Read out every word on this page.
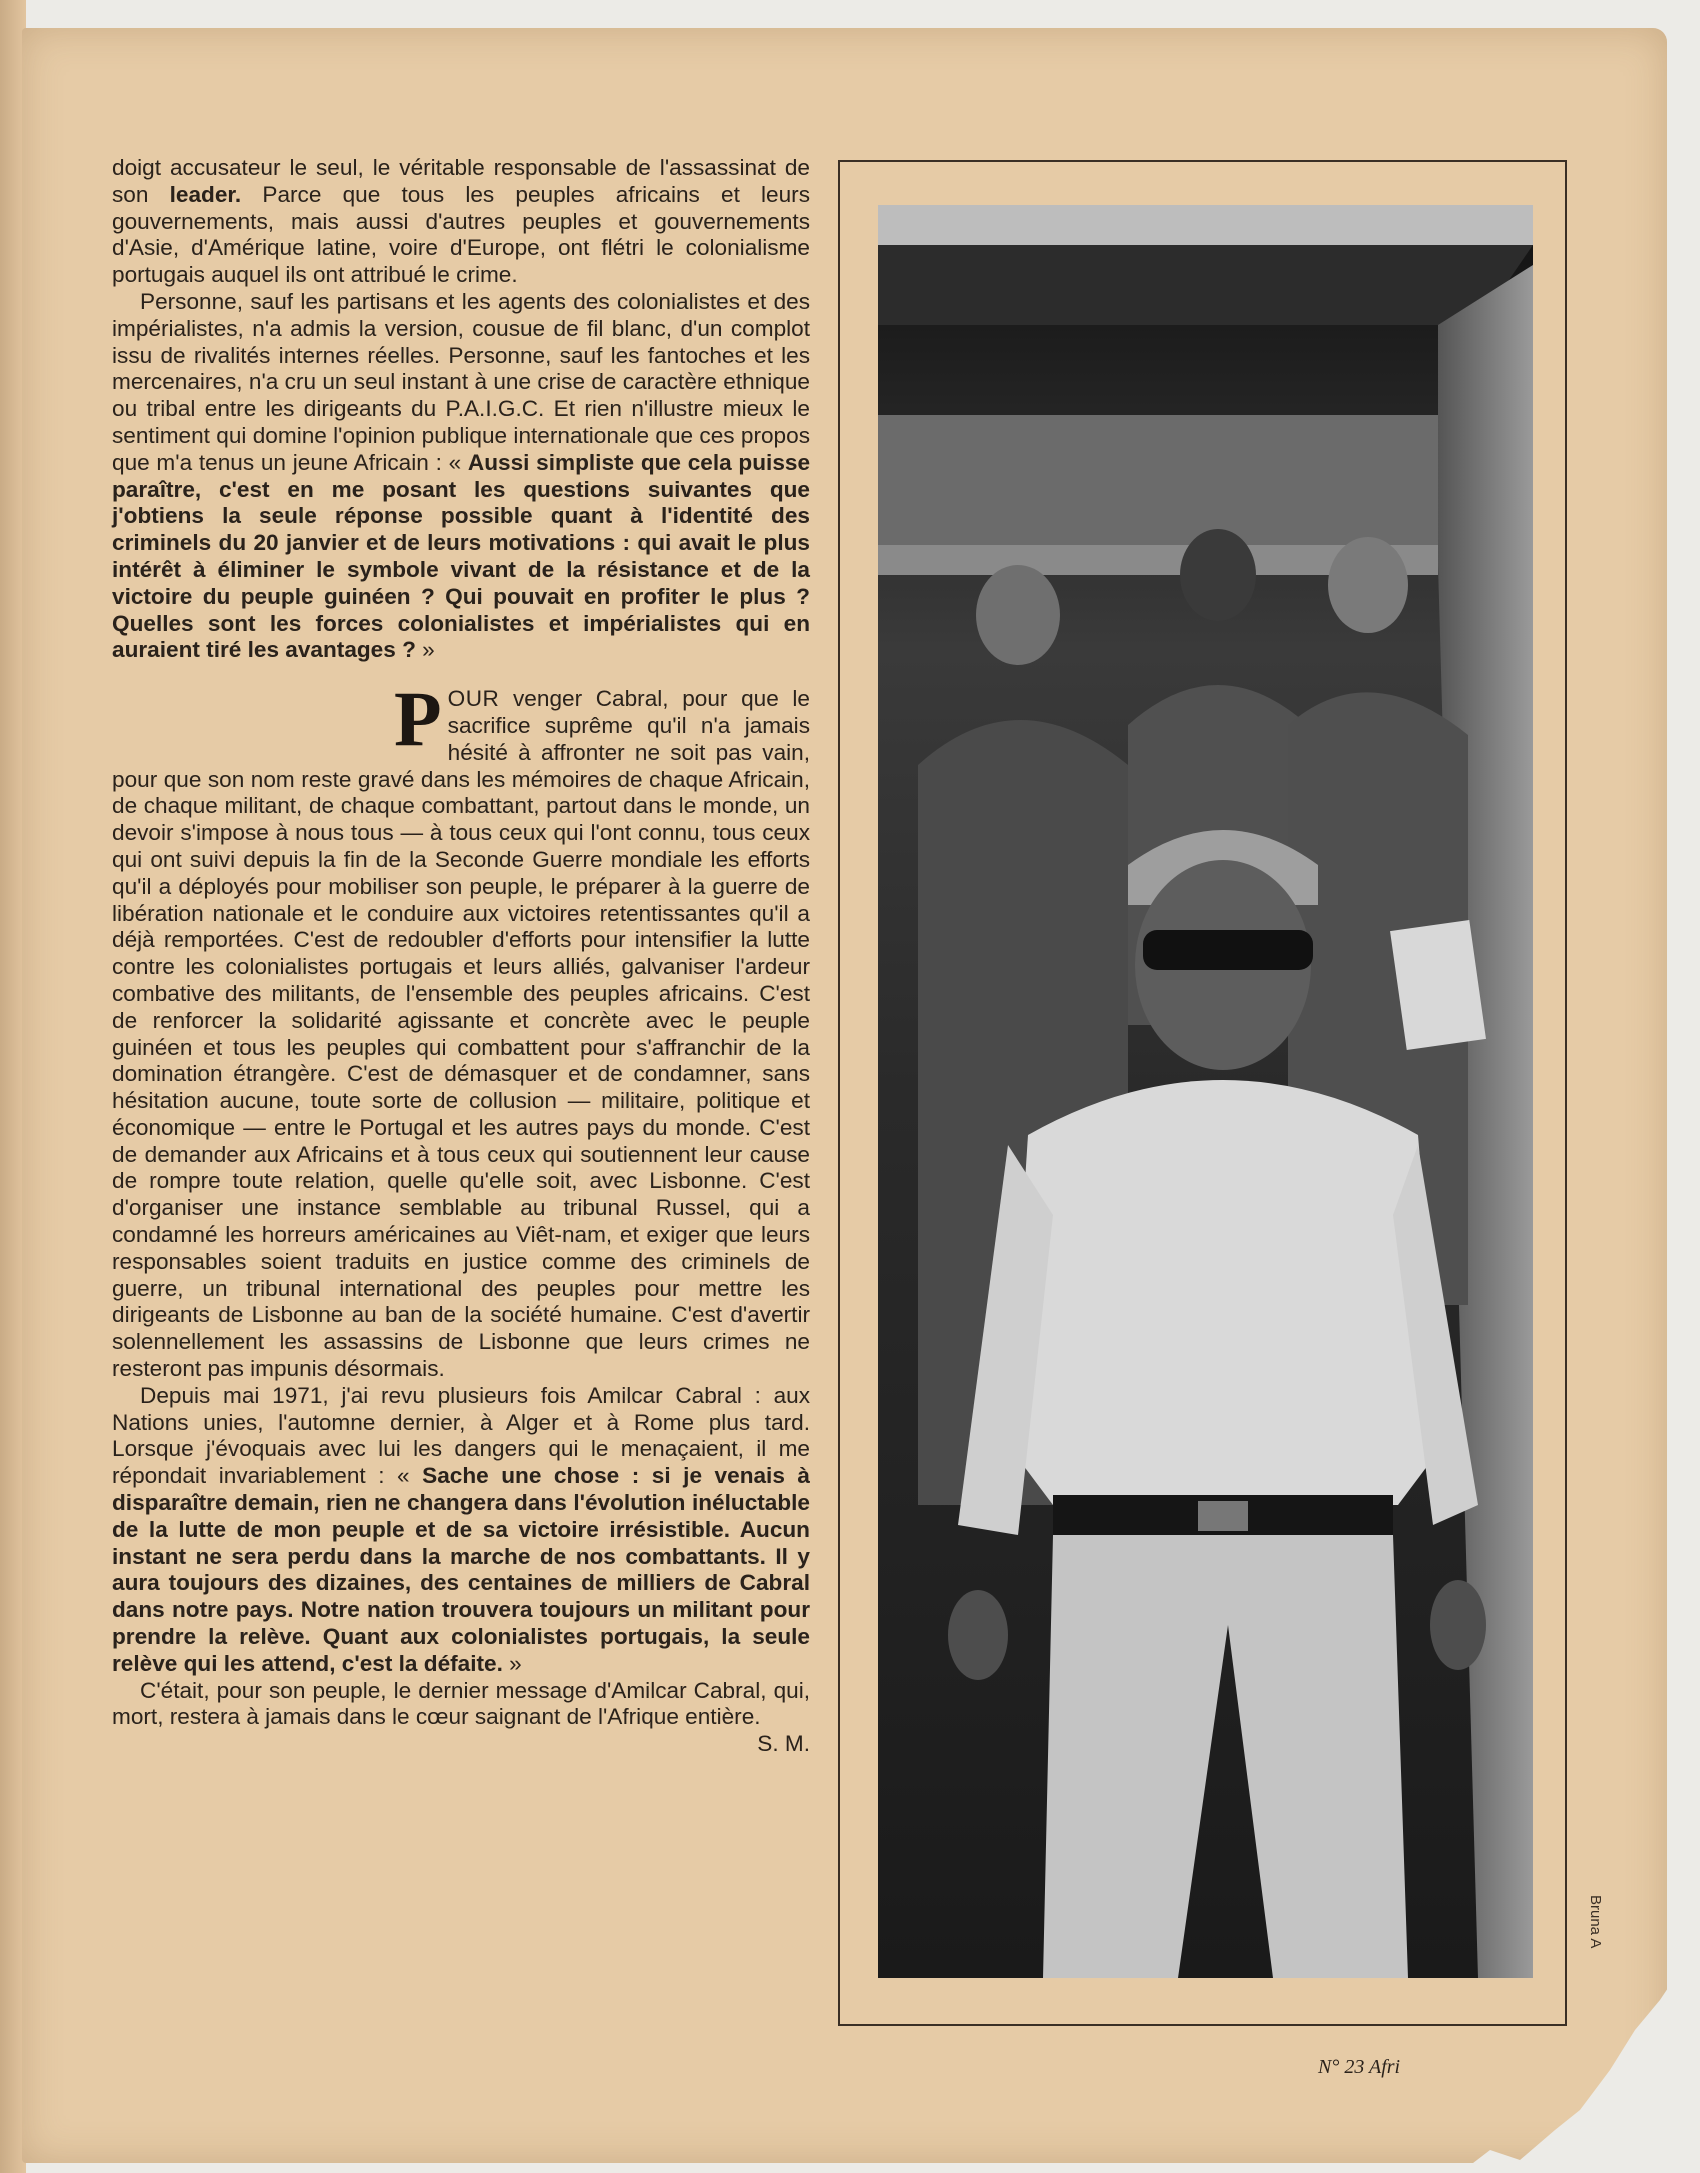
doigt accusateur le seul, le véritable responsable de l'assassinat de son leader. Parce que tous les peuples africains et leurs gouvernements, mais aussi d'autres peuples et gouvernements d'Asie, d'Amérique latine, voire d'Europe, ont flétri le colonialisme portugais auquel ils ont attribué le crime.

Personne, sauf les partisans et les agents des colonialistes et des impérialistes, n'a admis la version, cousue de fil blanc, d'un complot issu de rivalités internes réelles. Personne, sauf les fantoches et les mercenaires, n'a cru un seul instant à une crise de caractère ethnique ou tribal entre les dirigeants du P.A.I.G.C. Et rien n'illustre mieux le sentiment qui domine l'opinion publique internationale que ces propos que m'a tenus un jeune Africain : « Aussi simpliste que cela puisse paraître, c'est en me posant les questions suivantes que j'obtiens la seule réponse possible quant à l'identité des criminels du 20 janvier et de leurs motivations : qui avait le plus intérêt à éliminer le symbole vivant de la résistance et de la victoire du peuple guinéen ? Qui pouvait en profiter le plus ? Quelles sont les forces colonialistes et impérialistes qui en auraient tiré les avantages ? »

POUR venger Cabral, pour que le sacrifice suprême qu'il n'a jamais hésité à affronter ne soit pas vain, pour que son nom reste gravé dans les mémoires de chaque Africain, de chaque militant, de chaque combattant, partout dans le monde, un devoir s'impose à nous tous — à tous ceux qui l'ont connu, tous ceux qui ont suivi depuis la fin de la Seconde Guerre mondiale les efforts qu'il a déployés pour mobiliser son peuple, le préparer à la guerre de libération nationale et le conduire aux victoires retentissantes qu'il a déjà remportées. C'est de redoubler d'efforts pour intensifier la lutte contre les colonialistes portugais et leurs alliés, galvaniser l'ardeur combative des militants, de l'ensemble des peuples africains. C'est de renforcer la solidarité agissante et concrète avec le peuple guinéen et tous les peuples qui combattent pour s'affranchir de la domination étrangère. C'est de démasquer et de condamner, sans hésitation aucune, toute sorte de collusion — militaire, politique et économique — entre le Portugal et les autres pays du monde. C'est de demander aux Africains et à tous ceux qui soutiennent leur cause de rompre toute relation, quelle qu'elle soit, avec Lisbonne. C'est d'organiser une instance semblable au tribunal Russel, qui a condamné les horreurs américaines au Viêt-nam, et exiger que leurs responsables soient traduits en justice comme des criminels de guerre, un tribunal international des peuples pour mettre les dirigeants de Lisbonne au ban de la société humaine. C'est d'avertir solennellement les assassins de Lisbonne que leurs crimes ne resteront pas impunis désormais.

Depuis mai 1971, j'ai revu plusieurs fois Amilcar Cabral : aux Nations unies, l'automne dernier, à Alger et à Rome plus tard. Lorsque j'évoquais avec lui les dangers qui le menaçaient, il me répondait invariablement : « Sache une chose : si je venais à disparaître demain, rien ne changera dans l'évolution inéluctable de la lutte de mon peuple et de sa victoire irrésistible. Aucun instant ne sera perdu dans la marche de nos combattants. Il y aura toujours des dizaines, des centaines de milliers de Cabral dans notre pays. Notre nation trouvera toujours un militant pour prendre la relève. Quant aux colonialistes portugais, la seule relève qui les attend, c'est la défaite. »

C'était, pour son peuple, le dernier message d'Amilcar Cabral, qui, mort, restera à jamais dans le cœur saignant de l'Afrique entière.

S. M.
Bruna A
N° 23 Afri
